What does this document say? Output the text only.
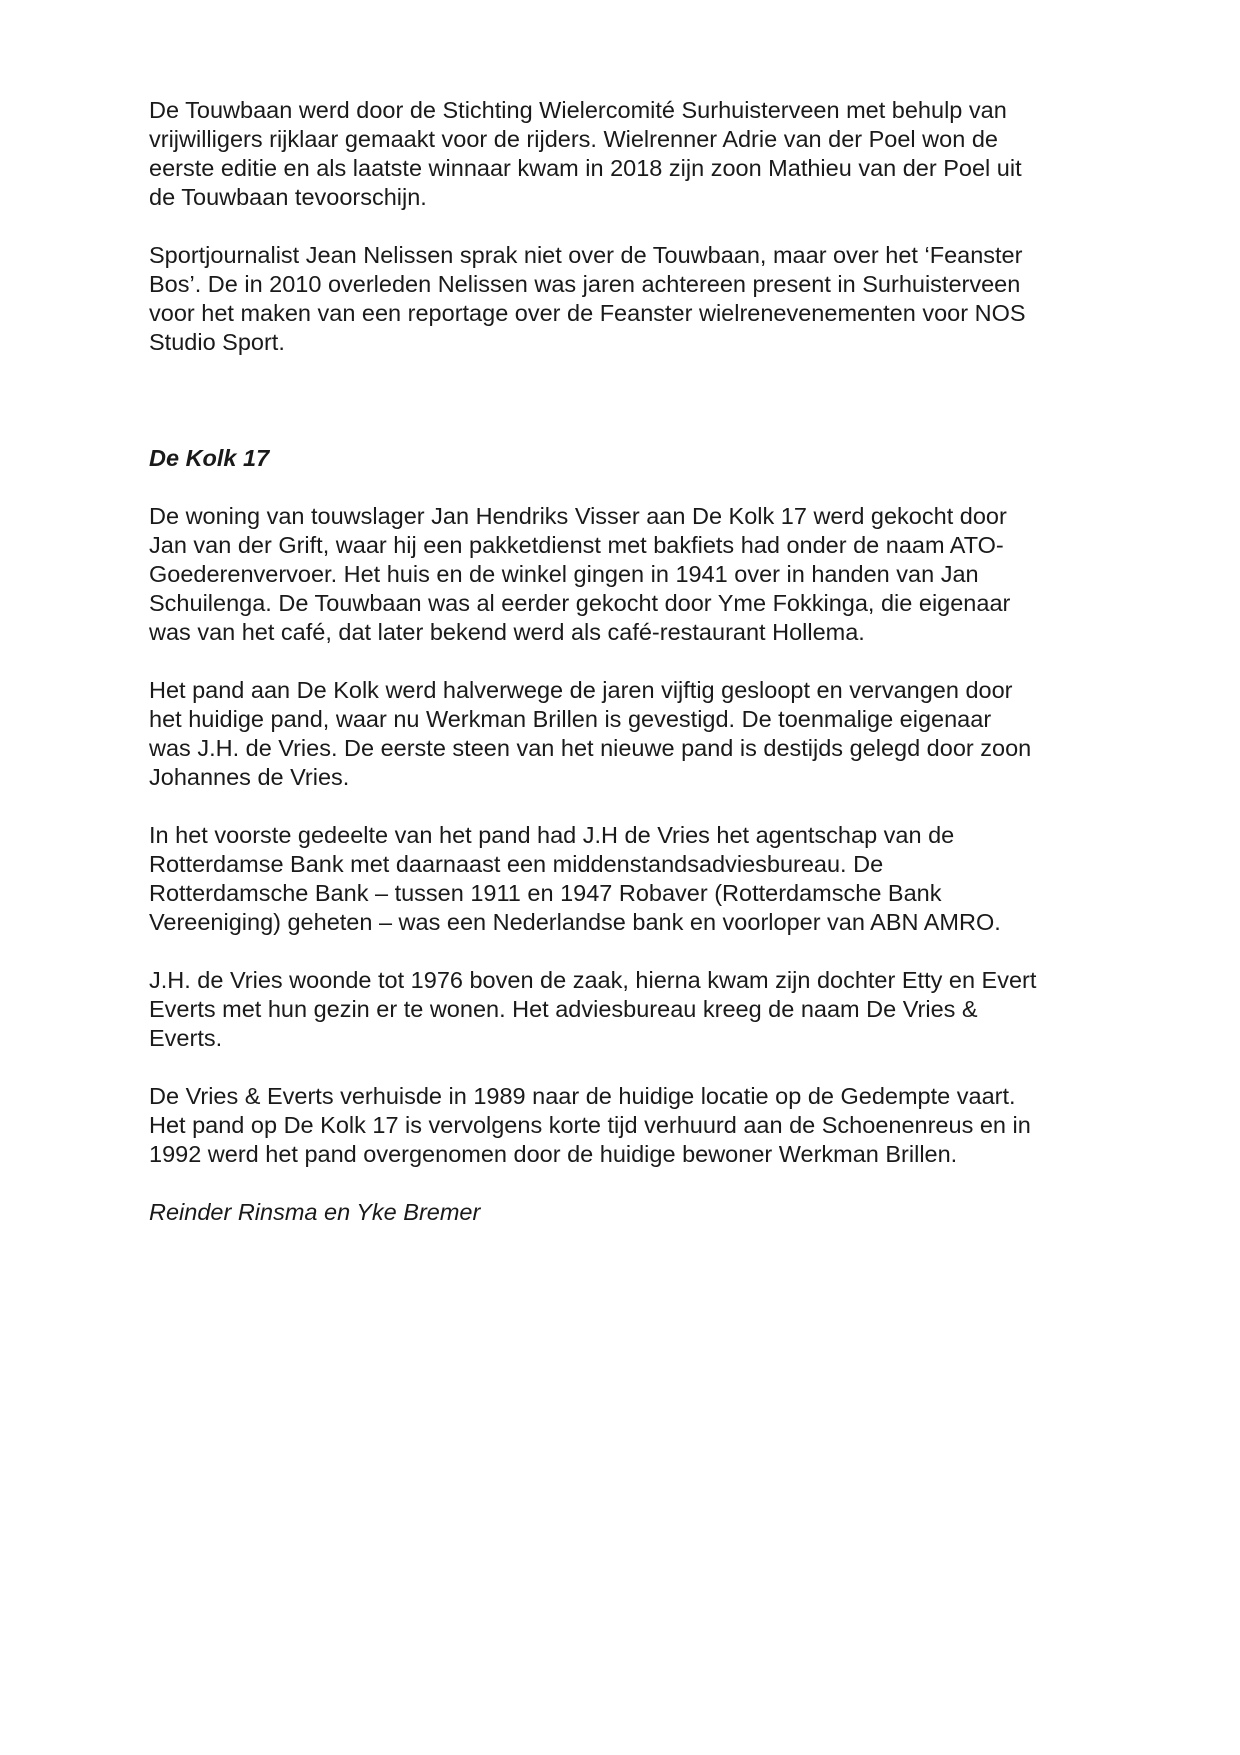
De Touwbaan werd door de Stichting Wielercomité Surhuisterveen met behulp van
vrijwilligers rijklaar gemaakt voor de rijders. Wielrenner Adrie van der Poel won de
eerste editie en als laatste winnaar kwam in 2018 zijn zoon Mathieu van der Poel uit
de Touwbaan tevoorschijn.

Sportjournalist Jean Nelissen sprak niet over de Touwbaan, maar over het ‘Feanster
Bos’. De in 2010 overleden Nelissen was jaren achtereen present in Surhuisterveen
voor het maken van een reportage over de Feanster wielrenevenementen voor NOS
Studio Sport.

De Kolk 17

De woning van touwslager Jan Hendriks Visser aan De Kolk 17 werd gekocht door
Jan van der Grift, waar hij een pakketdienst met bakfiets had onder de naam ATO-
Goederenvervoer. Het huis en de winkel gingen in 1941 over in handen van Jan
Schuilenga. De Touwbaan was al eerder gekocht door Yme Fokkinga, die eigenaar
was van het café, dat later bekend werd als café-restaurant Hollema.

Het pand aan De Kolk werd halverwege de jaren vijftig gesloopt en vervangen door
het huidige pand, waar nu Werkman Brillen is gevestigd. De toenmalige eigenaar
was J.H. de Vries. De eerste steen van het nieuwe pand is destijds gelegd door zoon
Johannes de Vries.

In het voorste gedeelte van het pand had J.H de Vries het agentschap van de
Rotterdamse Bank met daarnaast een middenstandsadviesbureau. De
Rotterdamsche Bank – tussen 1911 en 1947 Robaver (Rotterdamsche Bank
Vereeniging) geheten – was een Nederlandse bank en voorloper van ABN AMRO.

J.H. de Vries woonde tot 1976 boven de zaak, hierna kwam zijn dochter Etty en Evert
Everts met hun gezin er te wonen. Het adviesbureau kreeg de naam De Vries &
Everts.

De Vries & Everts verhuisde in 1989 naar de huidige locatie op de Gedempte vaart.
Het pand op De Kolk 17 is vervolgens korte tijd verhuurd aan de Schoenenreus en in
1992 werd het pand overgenomen door de huidige bewoner Werkman Brillen.

Reinder Rinsma en Yke Bremer
